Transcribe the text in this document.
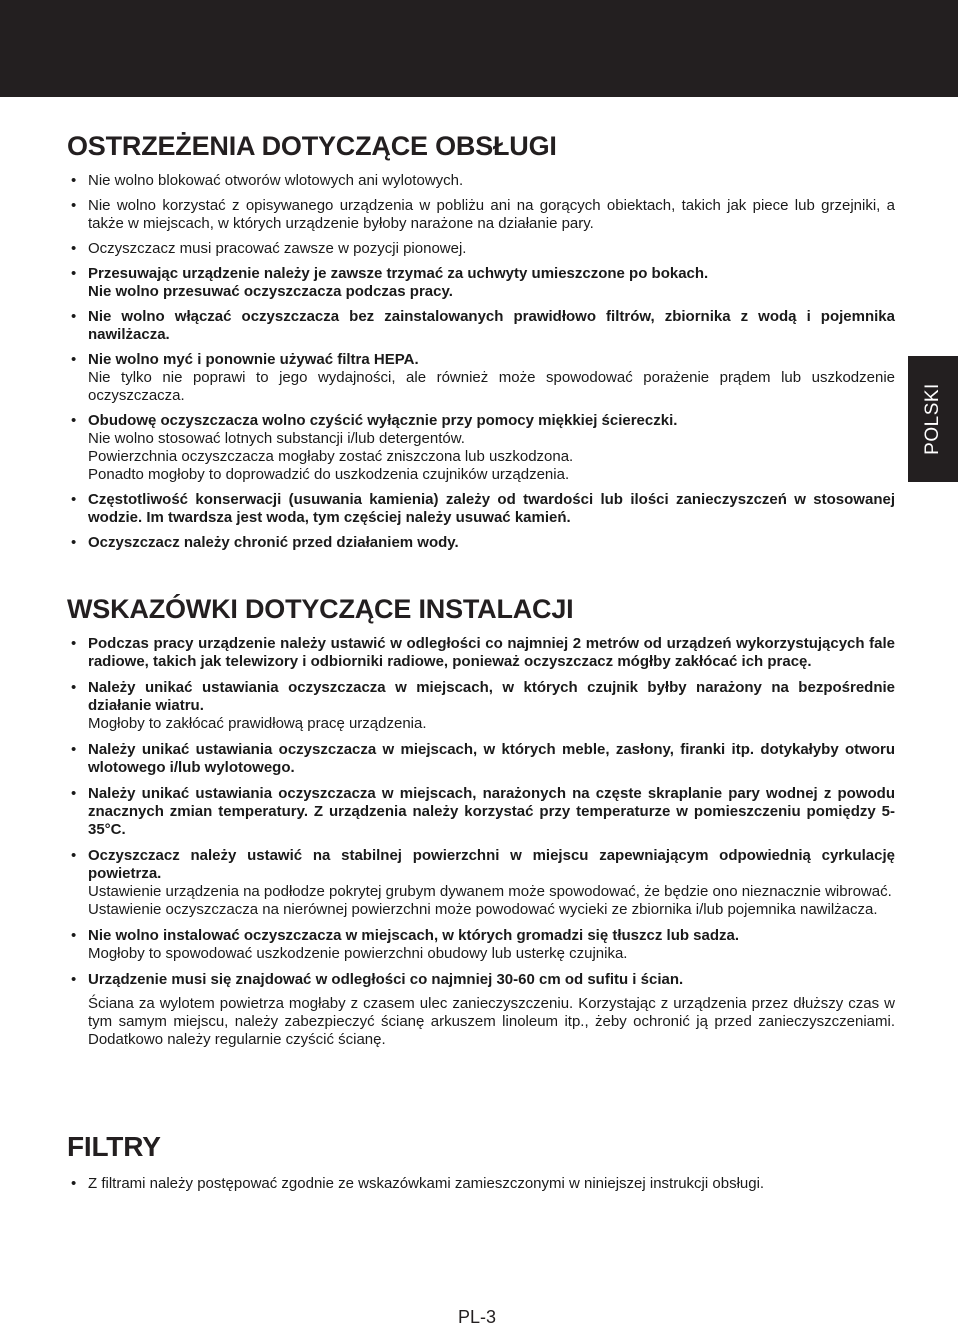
POLSKI
OSTRZEŻENIA DOTYCZĄCE OBSŁUGI
• Nie wolno blokować otworów wlotowych ani wylotowych.
• Nie wolno korzystać z opisywanego urządzenia w pobliżu ani na gorących obiektach, takich jak piece lub grzejniki, a także w miejscach, w których urządzenie byłoby narażone na działanie pary.
• Oczyszczacz musi pracować zawsze w pozycji pionowej.
• Przesuwając urządzenie należy je zawsze trzymać za uchwyty umieszczone po bokach.
Nie wolno przesuwać oczyszczacza podczas pracy.
• Nie wolno włączać oczyszczacza bez zainstalowanych prawidłowo filtrów, zbiornika z wodą i pojemnika nawilżacza.
• Nie wolno myć i ponownie używać filtra HEPA.
Nie tylko nie poprawi to jego wydajności, ale również może spowodować porażenie prądem lub uszkodzenie oczyszczacza.
• Obudowę oczyszczacza wolno czyścić wyłącznie przy pomocy miękkiej ściereczki.
Nie wolno stosować lotnych substancji i/lub detergentów.
Powierzchnia oczyszczacza mogłaby zostać zniszczona lub uszkodzona.
Ponadto mogłoby to doprowadzić do uszkodzenia czujników urządzenia.
• Częstotliwość konserwacji (usuwania kamienia) zależy od twardości lub ilości zanieczyszczeń w stosowanej wodzie. Im twardsza jest woda, tym częściej należy usuwać kamień.
• Oczyszczacz należy chronić przed działaniem wody.
WSKAZÓWKI DOTYCZĄCE INSTALACJI
• Podczas pracy urządzenie należy ustawić w odległości co najmniej 2 metrów od urządzeń wykorzystujących fale radiowe, takich jak telewizory i odbiorniki radiowe, ponieważ oczyszczacz mógłby zakłócać ich pracę.
• Należy unikać ustawiania oczyszczacza w miejscach, w których czujnik byłby narażony na bezpośrednie działanie wiatru.
Mogłoby to zakłócać prawidłową pracę urządzenia.
• Należy unikać ustawiania oczyszczacza w miejscach, w których meble, zasłony, firanki itp. dotykałyby otworu wlotowego i/lub wylotowego.
• Należy unikać ustawiania oczyszczacza w miejscach, narażonych na częste skraplanie pary wodnej z powodu znacznych zmian temperatury. Z urządzenia należy korzystać przy temperaturze w pomieszczeniu pomiędzy 5-35°C.
• Oczyszczacz należy ustawić na stabilnej powierzchni w miejscu zapewniającym odpowiednią cyrkulację powietrza.
Ustawienie urządzenia na podłodze pokrytej grubym dywanem może spowodować, że będzie ono nieznacznie wibrować.
Ustawienie oczyszczacza na nierównej powierzchni może powodować wycieki ze zbiornika i/lub pojemnika nawilżacza.
• Nie wolno instalować oczyszczacza w miejscach, w których gromadzi się tłuszcz lub sadza.
Mogłoby to spowodować uszkodzenie powierzchni obudowy lub usterkę czujnika.
• Urządzenie musi się znajdować w odległości co najmniej 30-60 cm od sufitu i ścian.
Ściana za wylotem powietrza mogłaby z czasem ulec zanieczyszczeniu. Korzystając z urządzenia przez dłuższy czas w tym samym miejscu, należy zabezpieczyć ścianę arkuszem linoleum itp., żeby ochronić ją przed zanieczyszczeniami. Dodatkowo należy regularnie czyścić ścianę.
FILTRY
• Z filtrami należy postępować zgodnie ze wskazówkami zamieszczonymi w niniejszej instrukcji obsługi.
PL-3
